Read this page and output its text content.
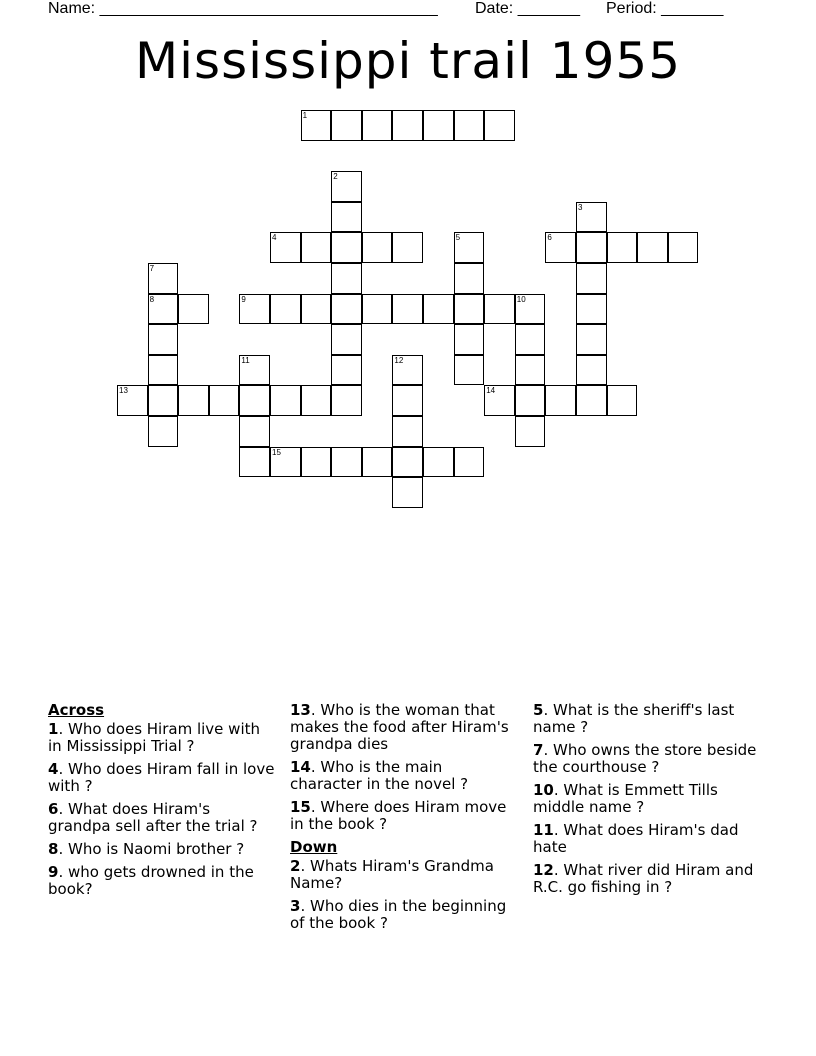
Name: ______________________________________ Date: _______ Period: _______
Mississippi trail 1955
1
2
3
4	5	6
7
8	9	10
11	12
13	14
15
Across
1. Who does Hiram live with in Mississippi Trial ?
4. Who does Hiram fall in love with ?
6. What does Hiram's grandpa sell after the trial ?
8. Who is Naomi brother ?
9. who gets drowned in the book?
13. Who is the woman that makes the food after Hiram's grandpa dies
14. Who is the main character in the novel ?
15. Where does Hiram move in the book ?
Down
2. Whats Hiram's Grandma Name?
3. Who dies in the beginning of the book ?
5. What is the sheriff's last name ?
7. Who owns the store beside the courthouse ?
10. What is Emmett Tills middle name ?
11. What does Hiram's dad hate
12. What river did Hiram and R.C. go fishing in ?
